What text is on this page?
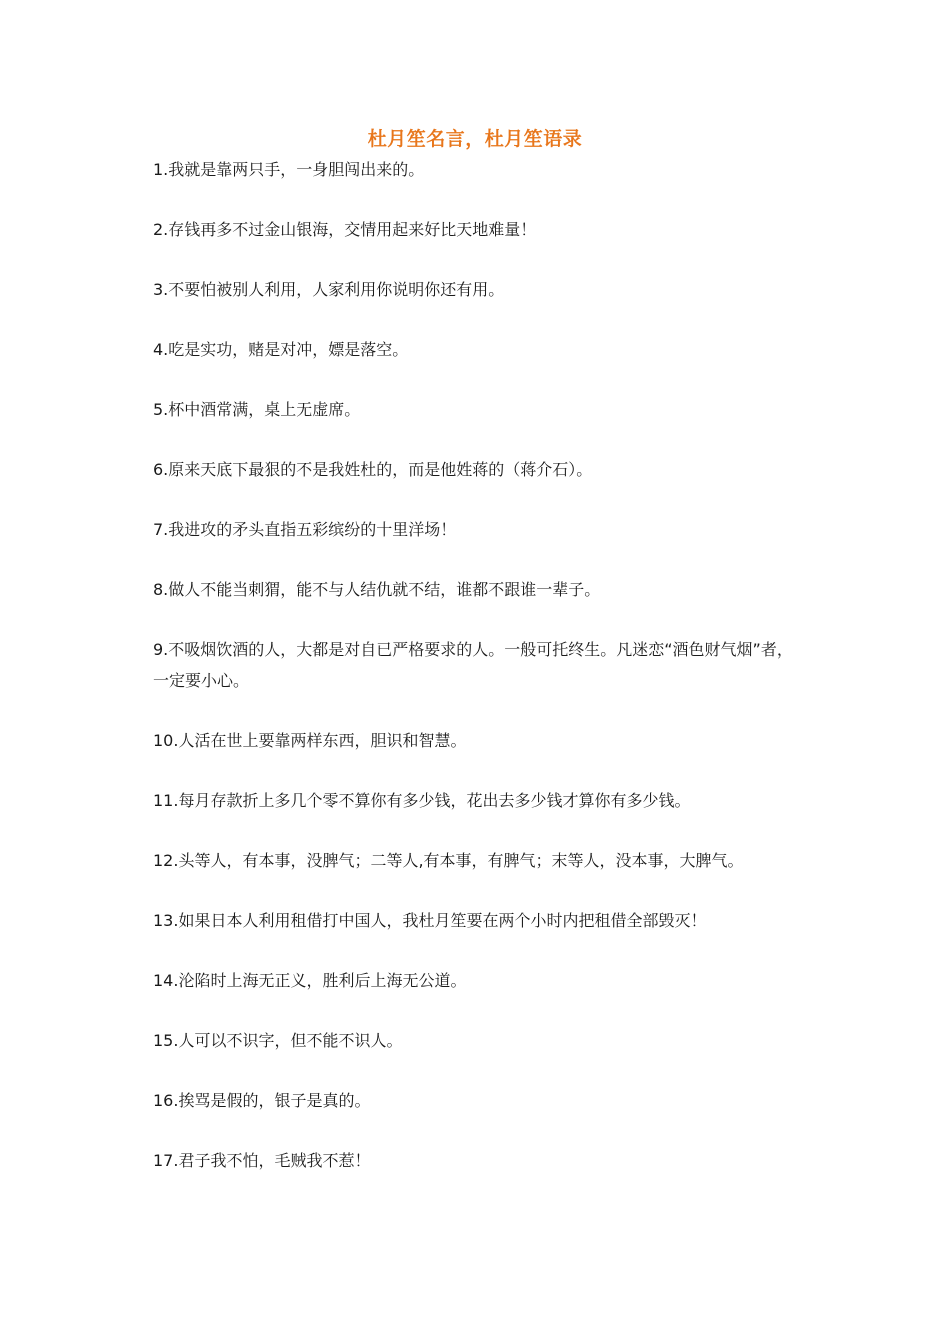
杜月笙名言，杜月笙语录

1.我就是靠两只手，一身胆闯出来的。

2.存钱再多不过金山银海，交情用起来好比天地难量！

3.不要怕被别人利用，人家利用你说明你还有用。

4.吃是实功，赌是对冲，嫖是落空。

5.杯中酒常满，桌上无虚席。

6.原来天底下最狠的不是我姓杜的，而是他姓蒋的（蒋介石）。

7.我进攻的矛头直指五彩缤纷的十里洋场！

8.做人不能当刺猬，能不与人结仇就不结，谁都不跟谁一辈子。

9.不吸烟饮酒的人，大都是对自已严格要求的人。一般可托终生。凡迷恋“酒色财气烟”者，一定要小心。

10.人活在世上要靠两样东西，胆识和智慧。

11.每月存款折上多几个零不算你有多少钱，花出去多少钱才算你有多少钱。

12.头等人，有本事，没脾气；二等人,有本事，有脾气；末等人，没本事，大脾气。

13.如果日本人利用租借打中国人，我杜月笙要在两个小时内把租借全部毁灭！

14.沦陷时上海无正义，胜利后上海无公道。

15.人可以不识字，但不能不识人。

16.挨骂是假的，银子是真的。

17.君子我不怕，毛贼我不惹！
